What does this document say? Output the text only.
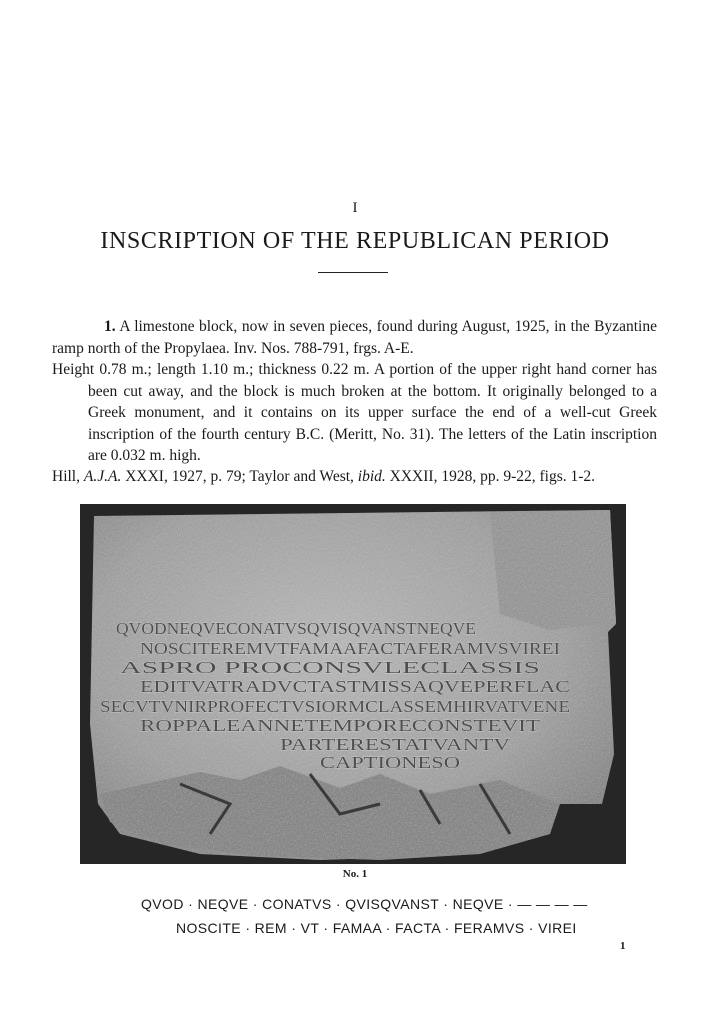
I
INSCRIPTION OF THE REPUBLICAN PERIOD
1. A limestone block, now in seven pieces, found during August, 1925, in the Byzantine ramp north of the Propylaea. Inv. Nos. 788-791, frgs. A-E.
Height 0.78 m.; length 1.10 m.; thickness 0.22 m. A portion of the upper right hand corner has been cut away, and the block is much broken at the bottom. It originally belonged to a Greek monument, and it contains on its upper surface the end of a well-cut Greek inscription of the fourth century B.C. (Meritt, No. 31). The letters of the Latin inscription are 0.032 m. high.
Hill, A.J.A. XXXI, 1927, p. 79; Taylor and West, ibid. XXXII, 1928, pp. 9-22, figs. 1-2.
QVODNEQVECONATVSQVISQVANSTNEQVE
NOSCITEREMVTFAMAAFACTAFERAMVSVIREI
ASPRO PROCONSVLECLASSIS
EDITVATRADVCTASTMISSAQVEPERFLAC
SECVTVNIRPROFECTVSIORMCLASSEMHIRVATVENE
ROPPALEANNETEMPORECONSTEVIT
PARTERESTATVANTV
CAPTIONESO
No. 1
QVOD · NEQVE · CONATVS · QVISQVANST · NEQVE · — — — —
NOSCITE · REM · VT · FAMAA · FACTA · FERAMVS · VIREI
1
